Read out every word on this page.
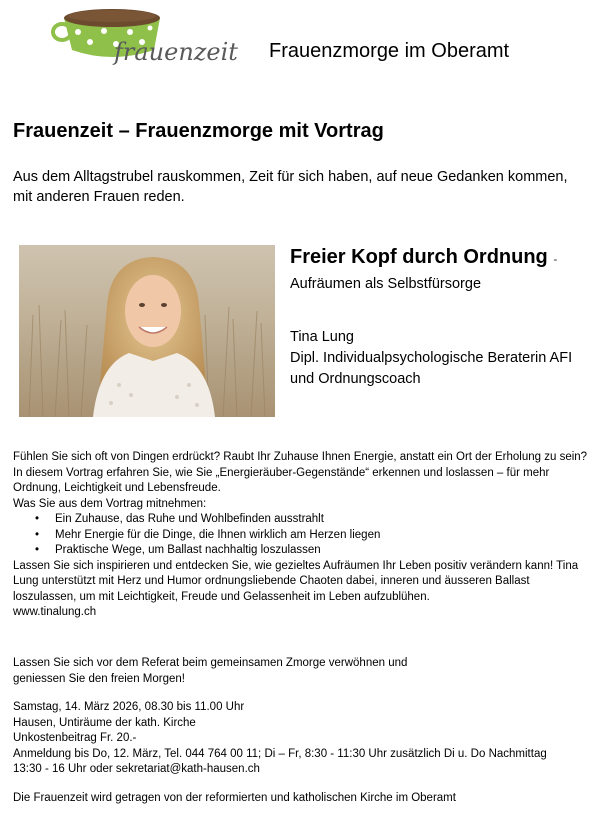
frauenzeit Frauenzmorge im Oberamt
Frauenzeit – Frauenzmorge mit Vortrag
Aus dem Alltagstrubel rauskommen, Zeit für sich haben, auf neue Gedanken kommen, mit anderen Frauen reden.
Freier Kopf durch Ordnung -
Aufräumen als Selbstfürsorge
Tina Lung
Dipl. Individualpsychologische Beraterin AFI
und Ordnungscoach

Fühlen Sie sich oft von Dingen erdrückt? Raubt Ihr Zuhause Ihnen Energie, anstatt ein Ort der Erholung zu sein? In diesem Vortrag erfahren Sie, wie Sie „Energieräuber-Gegenstände“ erkennen und loslassen – für mehr Ordnung, Leichtigkeit und Lebensfreude.

Was Sie aus dem Vortrag mitnehmen:

• Ein Zuhause, das Ruhe und Wohlbefinden ausstrahlt
• Mehr Energie für die Dinge, die Ihnen wirklich am Herzen liegen
• Praktische Wege, um Ballast nachhaltig loszulassen

Lassen Sie sich inspirieren und entdecken Sie, wie gezieltes Aufräumen Ihr Leben positiv verändern kann! Tina Lung unterstützt mit Herz und Humor ordnungsliebende Chaoten dabei, inneren und äusseren Ballast loszulassen, um mit Leichtigkeit, Freude und Gelassenheit im Leben aufzublühen.

www.tinalung.ch

Lassen Sie sich vor dem Referat beim gemeinsamen Zmorge verwöhnen und
geniessen Sie den freien Morgen!
Samstag, 14. März 2026, 08.30 bis 11.00 Uhr
Hausen, Untiräume der kath. Kirche
Unkostenbeitrag Fr. 20.-
Anmeldung bis Do, 12. März, Tel. 044 764 00 11; Di – Fr, 8:30 - 11:30 Uhr zusätzlich Di u. Do Nachmittag
13:30 - 16 Uhr oder sekretariat@kath-hausen.ch
Die Frauenzeit wird getragen von der reformierten und katholischen Kirche im Oberamt
